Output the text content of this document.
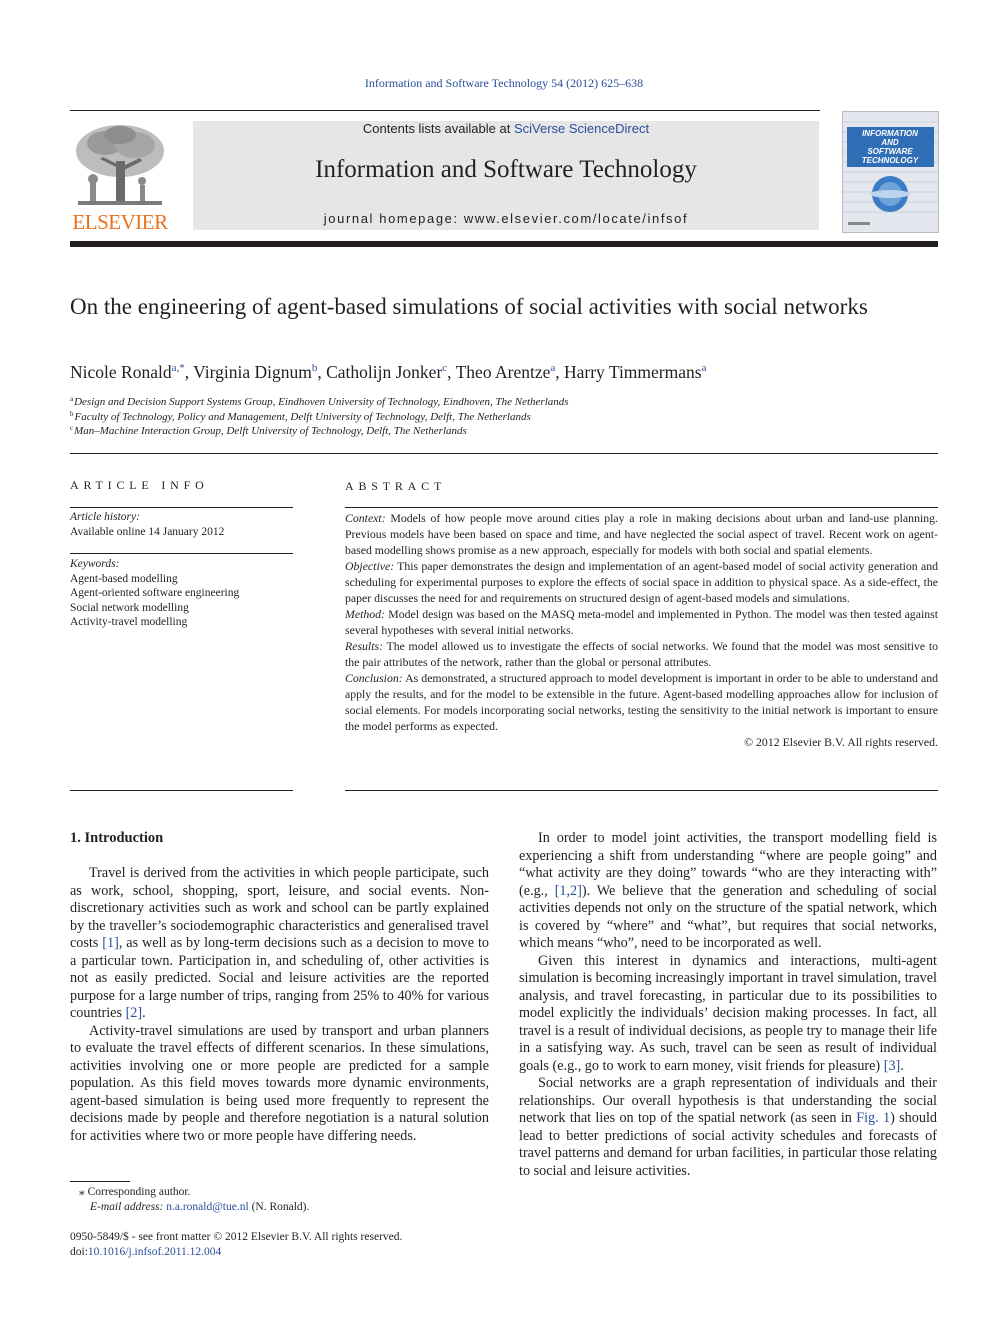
Information and Software Technology 54 (2012) 625–638
ELSEVIER
Contents lists available at SciVerse ScienceDirect
Information and Software Technology
journal homepage: www.elsevier.com/locate/infsof
INFORMATION
AND
SOFTWARE
TECHNOLOGY
On the engineering of agent-based simulations of social activities with social networks
Nicole Ronald$^{a,*}$, Virginia Dignum$^b$, Catholijn Jonker$^c$, Theo Arentze$^a$, Harry Timmermans$^a$
$^a$Design and Decision Support Systems Group, Eindhoven University of Technology, Eindhoven, The Netherlands
$^b$Faculty of Technology, Policy and Management, Delft University of Technology, Delft, The Netherlands
$^c$Man–Machine Interaction Group, Delft University of Technology, Delft, The Netherlands
ARTICLE INFO	ABSTRACT
Article history:
Available online 14 January 2012
Keywords:
Agent-based modelling
Agent-oriented software engineering
Social network modelling
Activity-travel modelling

Context: Models of how people move around cities play a role in making decisions about urban and land-use planning. Previous models have been based on space and time, and have neglected the social aspect of travel. Recent work on agent-based modelling shows promise as a new approach, especially for models with both social and spatial elements.

Objective: This paper demonstrates the design and implementation of an agent-based model of social activity generation and scheduling for experimental purposes to explore the effects of social space in addition to physical space. As a side-effect, the paper discusses the need for and requirements on structured design of agent-based models and simulations.

Method: Model design was based on the MASQ meta-model and implemented in Python. The model was then tested against several hypotheses with several initial networks.

Results: The model allowed us to investigate the effects of social networks. We found that the model was most sensitive to the pair attributes of the network, rather than the global or personal attributes.

Conclusion: As demonstrated, a structured approach to model development is important in order to be able to understand and apply the results, and for the model to be extensible in the future. Agent-based modelling approaches allow for inclusion of social elements. For models incorporating social networks, testing the sensitivity to the initial network is important to ensure the model performs as expected.

© 2012 Elsevier B.V. All rights reserved.

1. Introduction

Travel is derived from the activities in which people participate, such as work, school, shopping, sport, leisure, and social events. Non-discretionary activities such as work and school can be partly explained by the traveller’s sociodemographic characteristics and generalised travel costs [1], as well as by long-term decisions such as a decision to move to a particular town. Participation in, and scheduling of, other activities is not as easily predicted. Social and leisure activities are the reported purpose for a large number of trips, ranging from 25% to 40% for various countries [2].

Activity-travel simulations are used by transport and urban planners to evaluate the travel effects of different scenarios. In these simulations, activities involving one or more people are predicted for a sample population. As this field moves towards more dynamic environments, agent-based simulation is being used more frequently to represent the decisions made by people and therefore negotiation is a natural solution for activities where two or more people have differing needs.

In order to model joint activities, the transport modelling field is experiencing a shift from understanding “where are people going” and “what activity are they doing” towards “who are they interacting with” (e.g., [1,2]). We believe that the generation and scheduling of social activities depends not only on the structure of the spatial network, which is covered by “where” and “what”, but requires that social networks, which means “who”, need to be incorporated as well.

Given this interest in dynamics and interactions, multi-agent simulation is becoming increasingly important in travel simulation, travel analysis, and travel forecasting, in particular due to its possibilities to model explicitly the individuals’ decision making processes. In fact, all travel is a result of individual decisions, as people try to manage their life in a satisfying way. As such, travel can be seen as result of individual goals (e.g., go to work to earn money, visit friends for pleasure) [3].

Social networks are a graph representation of individuals and their relationships. Our overall hypothesis is that understanding the social network that lies on top of the spatial network (as seen in Fig. 1) should lead to better predictions of social activity schedules and forecasts of travel patterns and demand for urban facilities, in particular those relating to social and leisure activities.

⁎ Corresponding author.
E-mail address: n.a.ronald@tue.nl (N. Ronald).
0950-5849/$ - see front matter © 2012 Elsevier B.V. All rights reserved.
doi:10.1016/j.infsof.2011.12.004
